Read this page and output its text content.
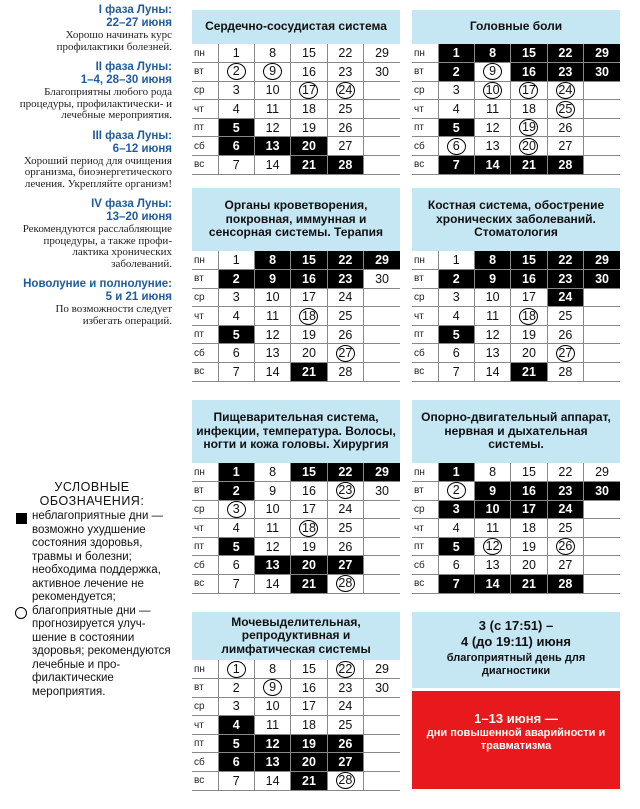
I фаза Луны:
22–27 июня
Хорошо начинать курс профилактики болезней.
II фаза Луны:
1–4, 28–30 июня
Благоприятны любого рода процедуры, профилактически- и лечебные мероприятия.
III фаза Луны:
6–12 июня
Хороший период для очищения организма, биоэнергетического лечения. Укрепляйте организм!
IV фаза Луны:
13–20 июня
Рекомендуются расслабляющие процедуры, а также профилактика хронических заболеваний.
Новолуние и полнолуние:
5 и 21 июня
По возможности следует избегать операций.
УСЛОВНЫЕ ОБОЗНАЧЕНИЯ:
неблагоприятные дни — возможно ухудшение состояния здоровья, травмы и болезни; необходима поддержка, активное лечение не рекомендуется;
благоприятные дни — прогнозируется улучшение в состоянии здоровья; рекомендуются лечебные и профилактические мероприятия.
Сердечно-сосудистая система
пн	1	8	15	22	29
вт	2	9	16	23	30
ср	3	10	17	24	
чт	4	11	18	25	
пт	5	12	19	26	
сб	6	13	20	27	
вс	7	14	21	28	
Головные боли
пн	1	8	15	22	29
вт	2	9	16	23	30
ср	3	10	17	24	
чт	4	11	18	25	
пт	5	12	19	26	
сб	6	13	20	27	
вс	7	14	21	28	
Органы кроветворения, покровная, иммунная и сенсорная системы. Терапия
пн	1	8	15	22	29
вт	2	9	16	23	30
ср	3	10	17	24	
чт	4	11	18	25	
пт	5	12	19	26	
сб	6	13	20	27	
вс	7	14	21	28	
Костная система, обострение хронических заболеваний. Стоматология
пн	1	8	15	22	29
вт	2	9	16	23	30
ср	3	10	17	24	
чт	4	11	18	25	
пт	5	12	19	26	
сб	6	13	20	27	
вс	7	14	21	28	
Пищеварительная система, инфекции, температура. Волосы, ногти и кожа головы. Хирургия
пн	1	8	15	22	29
вт	2	9	16	23	30
ср	3	10	17	24	
чт	4	11	18	25	
пт	5	12	19	26	
сб	6	13	20	27	
вс	7	14	21	28	
Опорно-двигательный аппарат, нервная и дыхательная системы.
пн	1	8	15	22	29
вт	2	9	16	23	30
ср	3	10	17	24	
чт	4	11	18	25	
пт	5	12	19	26	
сб	6	13	20	27	
вс	7	14	21	28	
Мочевыделительная, репродуктивная и лимфатическая системы
пн	1	8	15	22	29
вт	2	9	16	23	30
ср	3	10	17	24	
чт	4	11	18	25	
пт	5	12	19	26	
сб	6	13	20	27	
вс	7	14	21	28	
3 (с 17:51) –
4 (до 19:11) июня
благоприятный день для диагностики
1–13 июня —
дни повышенной аварийности и травматизма
